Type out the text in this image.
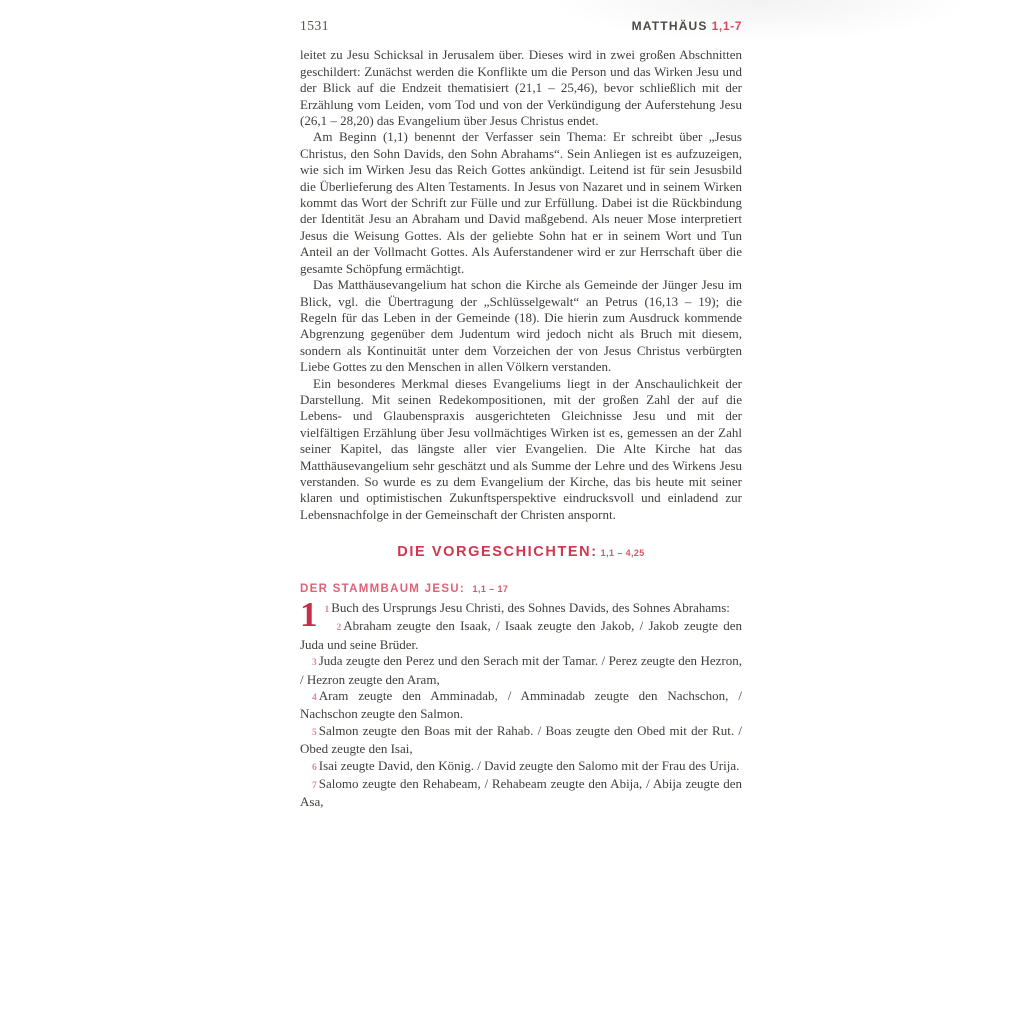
1531	MATTHÄUS 1,1-7

leitet zu Jesu Schicksal in Jerusalem über. Dieses wird in zwei großen Abschnitten geschildert: Zunächst werden die Konflikte um die Person und das Wirken Jesu und der Blick auf die Endzeit thematisiert (21,1 – 25,46), bevor schließlich mit der Erzählung vom Leiden, vom Tod und von der Verkündigung der Auferstehung Jesu (26,1 – 28,20) das Evangelium über Jesus Christus endet.

Am Beginn (1,1) benennt der Verfasser sein Thema: Er schreibt über „Jesus Christus, den Sohn Davids, den Sohn Abrahams“. Sein Anliegen ist es aufzuzeigen, wie sich im Wirken Jesu das Reich Gottes ankündigt. Leitend ist für sein Jesusbild die Überlieferung des Alten Testaments. In Jesus von Nazaret und in seinem Wirken kommt das Wort der Schrift zur Fülle und zur Erfüllung. Dabei ist die Rückbindung der Identität Jesu an Abraham und David maßgebend. Als neuer Mose interpretiert Jesus die Weisung Gottes. Als der geliebte Sohn hat er in seinem Wort und Tun Anteil an der Vollmacht Gottes. Als Auferstandener wird er zur Herrschaft über die gesamte Schöpfung ermächtigt.

Das Matthäusevangelium hat schon die Kirche als Gemeinde der Jünger Jesu im Blick, vgl. die Übertragung der „Schlüsselgewalt“ an Petrus (16,13 – 19); die Regeln für das Leben in der Gemeinde (18). Die hierin zum Ausdruck kommende Abgrenzung gegenüber dem Judentum wird jedoch nicht als Bruch mit diesem, sondern als Kontinuität unter dem Vorzeichen der von Jesus Christus verbürgten Liebe Gottes zu den Menschen in allen Völkern verstanden.

Ein besonderes Merkmal dieses Evangeliums liegt in der Anschaulichkeit der Darstellung. Mit seinen Redekompositionen, mit der großen Zahl der auf die Lebens- und Glaubenspraxis ausgerichteten Gleichnisse Jesu und mit der vielfältigen Erzählung über Jesu vollmächtiges Wirken ist es, gemessen an der Zahl seiner Kapitel, das längste aller vier Evangelien. Die Alte Kirche hat das Matthäusevangelium sehr geschätzt und als Summe der Lehre und des Wirkens Jesu verstanden. So wurde es zu dem Evangelium der Kirche, das bis heute mit seiner klaren und optimistischen Zukunftsperspektive eindrucksvoll und einladend zur Lebensnachfolge in der Gemeinschaft der Christen anspornt.

DIE VORGESCHICHTEN: 1,1 – 4,25
DER STAMMBAUM JESU: 1,1 – 17

1 1 Buch des Ursprungs Jesu Christi, des Sohnes Davids, des Sohnes Abrahams:

2 Abraham zeugte den Isaak, / Isaak zeugte den Jakob, / Jakob zeugte den Juda und seine Brüder.

3 Juda zeugte den Perez und den Serach mit der Tamar. / Perez zeugte den Hezron, / Hezron zeugte den Aram,

4 Aram zeugte den Amminadab, / Amminadab zeugte den Nachschon, / Nachschon zeugte den Salmon.

5 Salmon zeugte den Boas mit der Rahab. / Boas zeugte den Obed mit der Rut. / Obed zeugte den Isai,

6 Isai zeugte David, den König. / David zeugte den Salomo mit der Frau des Urija.

7 Salomo zeugte den Rehabeam, / Rehabeam zeugte den Abija, / Abija zeugte den Asa,
